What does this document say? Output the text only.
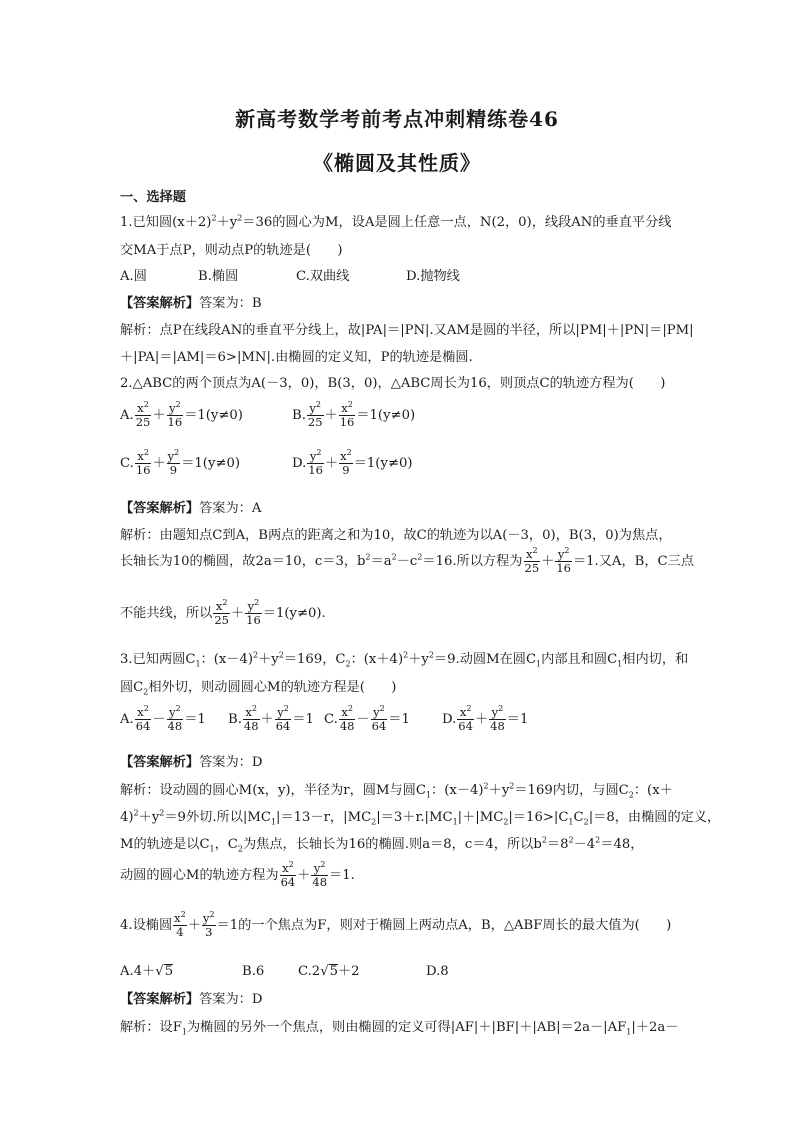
新高考数学考前考点冲刺精练卷46
《椭圆及其性质》
一、选择题
1.已知圆$(x+2)^2+y^2=36$的圆心为M，设A是圆上任意一点，N(2，0)，线段AN的垂直平分线
交MA于点P，则动点P的轨迹是(　　)
A.圆	B.椭圆	C.双曲线	D.抛物线
【答案解析】答案为：B
解析：点P在线段AN的垂直平分线上，故|PA|＝|PN|.又AM是圆的半径，所以|PM|＋|PN|＝|PM|
＋|PA|＝|AM|＝6>|MN|.由椭圆的定义知，P的轨迹是椭圆.
2.△ABC的两个顶点为A(－3，0)，B(3，0)，△ABC周长为16，则顶点C的轨迹方程为(　　)
A. $\frac{x^2}{25} + \frac{y^2}{16} =1(y\ne 0)$	B. $\frac{y^2}{25} + \frac{x^2}{16} =1(y\ne 0)$
C. $\frac{x^2}{16} + \frac{y^2}{9} =1(y\ne 0)$	D. $\frac{y^2}{16} + \frac{x^2}{9} =1(y\ne 0)$
【答案解析】答案为：A
解析：由题知点C到A，B两点的距离之和为10，故C的轨迹为以A(－3，0)，B(3，0)为焦点，
长轴长为10的椭圆，故2a＝10，c＝3，$b^2=a^2-c^2=16$.所以方程为 $\frac{x^2}{25} + \frac{y^2}{16} =1$.又A，B，C三点
不能共线，所以 $\frac{x^2}{25} + \frac{y^2}{16} =1(y\ne 0)$.
3.已知两圆$C_1$：$(x-4)^2+y^2=169$，$C_2$：$(x+4)^2+y^2=9$.动圆M在圆$C_1$内部且和圆$C_1$相内切，和
圆$C_2$相外切，则动圆圆心M的轨迹方程是(　　)
A. $\frac{x^2}{64} - \frac{y^2}{48} =1$ B. $\frac{x^2}{48} + \frac{y^2}{64} =1$ C. $\frac{x^2}{48} - \frac{y^2}{64} =1$ D. $\frac{x^2}{64} + \frac{y^2}{48} =1$
【答案解析】答案为：D
解析：设动圆的圆心M(x，y)，半径为r，圆M与圆$C_1$：$(x-4)^2+y^2=169$内切，与圆$C_2$：(x＋
$4)^2+y^2=9$外切.所以$|MC_1|=13-r$，$|MC_2|=3+r.|MC_1|+|MC_2|=16>|C_1C_2|=8$，由椭圆的定义，
M的轨迹是以$C_1$，$C_2$为焦点，长轴长为16的椭圆.则a＝8，c＝4，所以$b^2=8^2-4^2=48$，
动圆的圆心M的轨迹方程为 $\frac{x^2}{64} + \frac{y^2}{48} =1$.
4.设椭圆 $\frac{x^2}{4} + \frac{y^2}{3} =1$的一个焦点为F，则对于椭圆上两动点A，B，△ABF周长的最大值为(　　)
A.4＋√5	B.6	C.2√5＋2	D.8
【答案解析】答案为：D
解析：设$F_1$为椭圆的另外一个焦点，则由椭圆的定义可得$|AF|+|BF|+|AB|=2a-|AF_1|+2a-$
